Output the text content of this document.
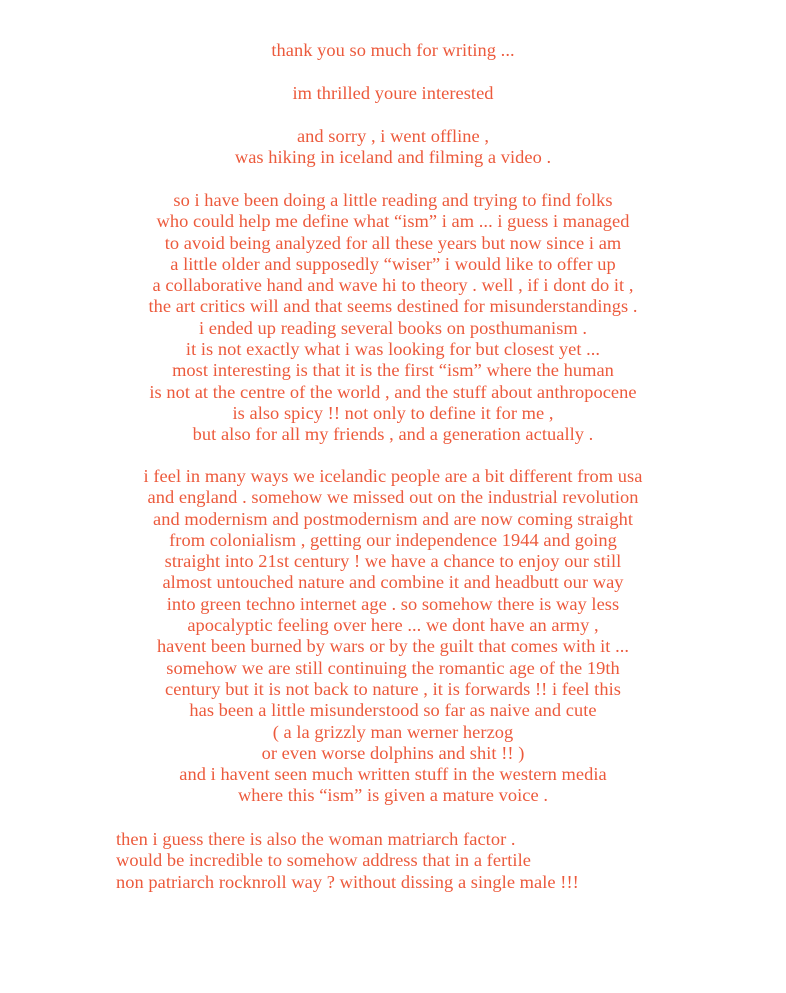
thank you so much for writing ...
im thrilled youre interested
and sorry , i went offline ,
was hiking in iceland and filming a video .
so i have been doing a little reading and trying to find folks
who could help me define what “ism” i am ... i guess i managed
to avoid being analyzed for all these years but now since i am
a little older and supposedly “wiser” i would like to offer up
a collaborative hand and wave hi to theory . well , if i dont do it ,
the art critics will and that seems destined for misunderstandings .
i ended up reading several books on posthumanism .
it is not exactly what i was looking for but closest yet ...
most interesting is that it is the first “ism” where the human
is not at the centre of the world , and the stuff about anthropocene
is also spicy !! not only to define it for me ,
but also for all my friends , and a generation actually .
i feel in many ways we icelandic people are a bit different from usa
and england . somehow we missed out on the industrial revolution
and modernism and postmodernism and are now coming straight
from colonialism , getting our independence 1944 and going
straight into 21st century ! we have a chance to enjoy our still
almost untouched nature and combine it and headbutt our way
into green techno internet age . so somehow there is way less
apocalyptic feeling over here ... we dont have an army ,
havent been burned by wars or by the guilt that comes with it ...
somehow we are still continuing the romantic age of the 19th
century but it is not back to nature , it is forwards !! i feel this
has been a little misunderstood so far as naive and cute
( a la grizzly man werner herzog
or even worse dolphins and shit !! )
and i havent seen much written stuff in the western media
where this “ism” is given a mature voice .
then i guess there is also the woman matriarch factor .
would be incredible to somehow address that in a fertile
non patriarch rocknroll way ? without dissing a single male !!!
